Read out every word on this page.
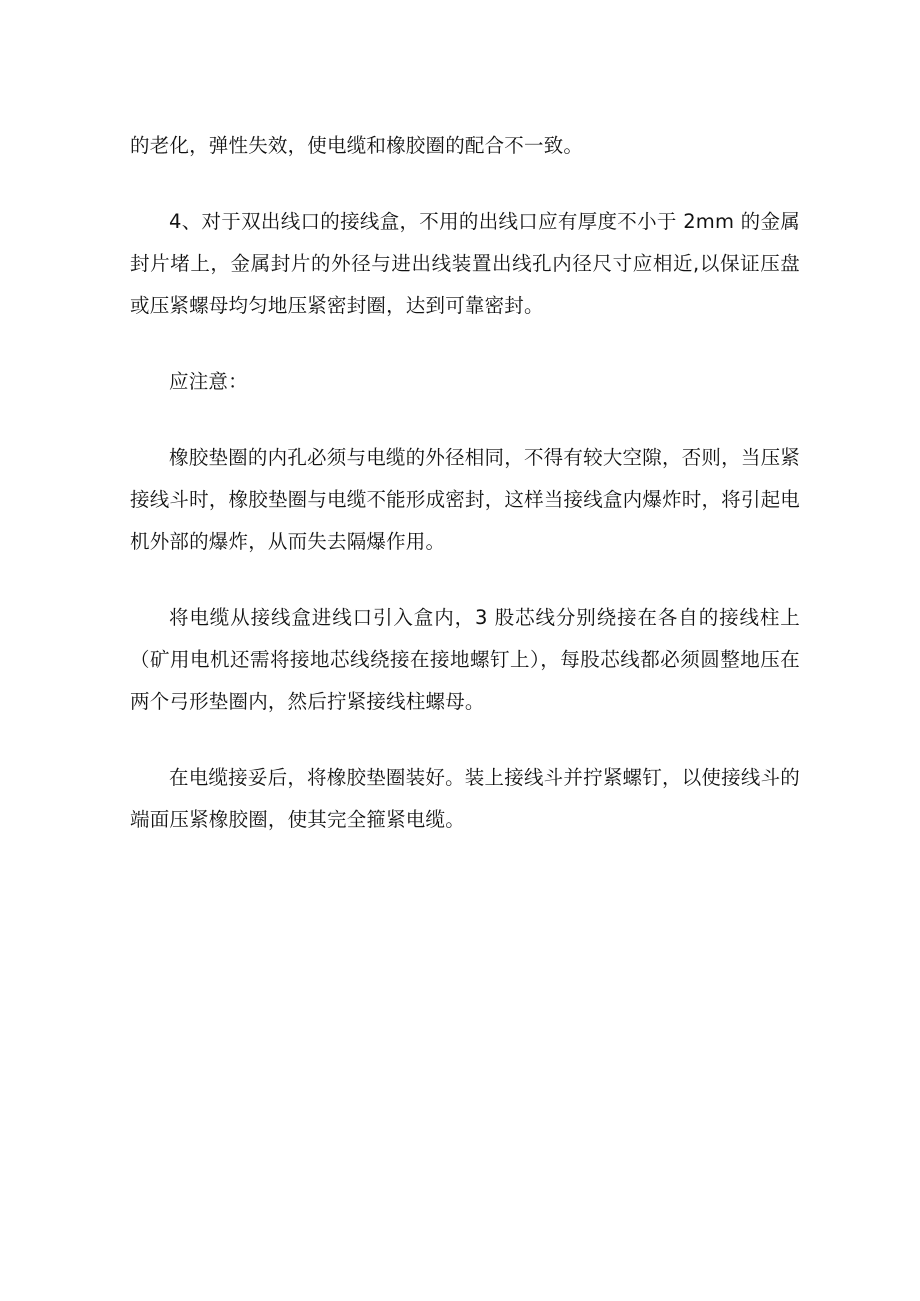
的老化，弹性失效，使电缆和橡胶圈的配合不一致。

4、对于双出线口的接线盒，不用的出线口应有厚度不小于 2mm 的金属封片堵上，金属封片的外径与进出线装置出线孔内径尺寸应相近,以保证压盘或压紧螺母均匀地压紧密封圈，达到可靠密封。

应注意：

橡胶垫圈的内孔必须与电缆的外径相同，不得有较大空隙，否则，当压紧接线斗时，橡胶垫圈与电缆不能形成密封，这样当接线盒内爆炸时，将引起电机外部的爆炸，从而失去隔爆作用。

将电缆从接线盒进线口引入盒内，3 股芯线分别绕接在各自的接线柱上（矿用电机还需将接地芯线绕接在接地螺钉上），每股芯线都必须圆整地压在两个弓形垫圈内，然后拧紧接线柱螺母。

在电缆接妥后，将橡胶垫圈装好。装上接线斗并拧紧螺钉，以使接线斗的端面压紧橡胶圈，使其完全箍紧电缆。
